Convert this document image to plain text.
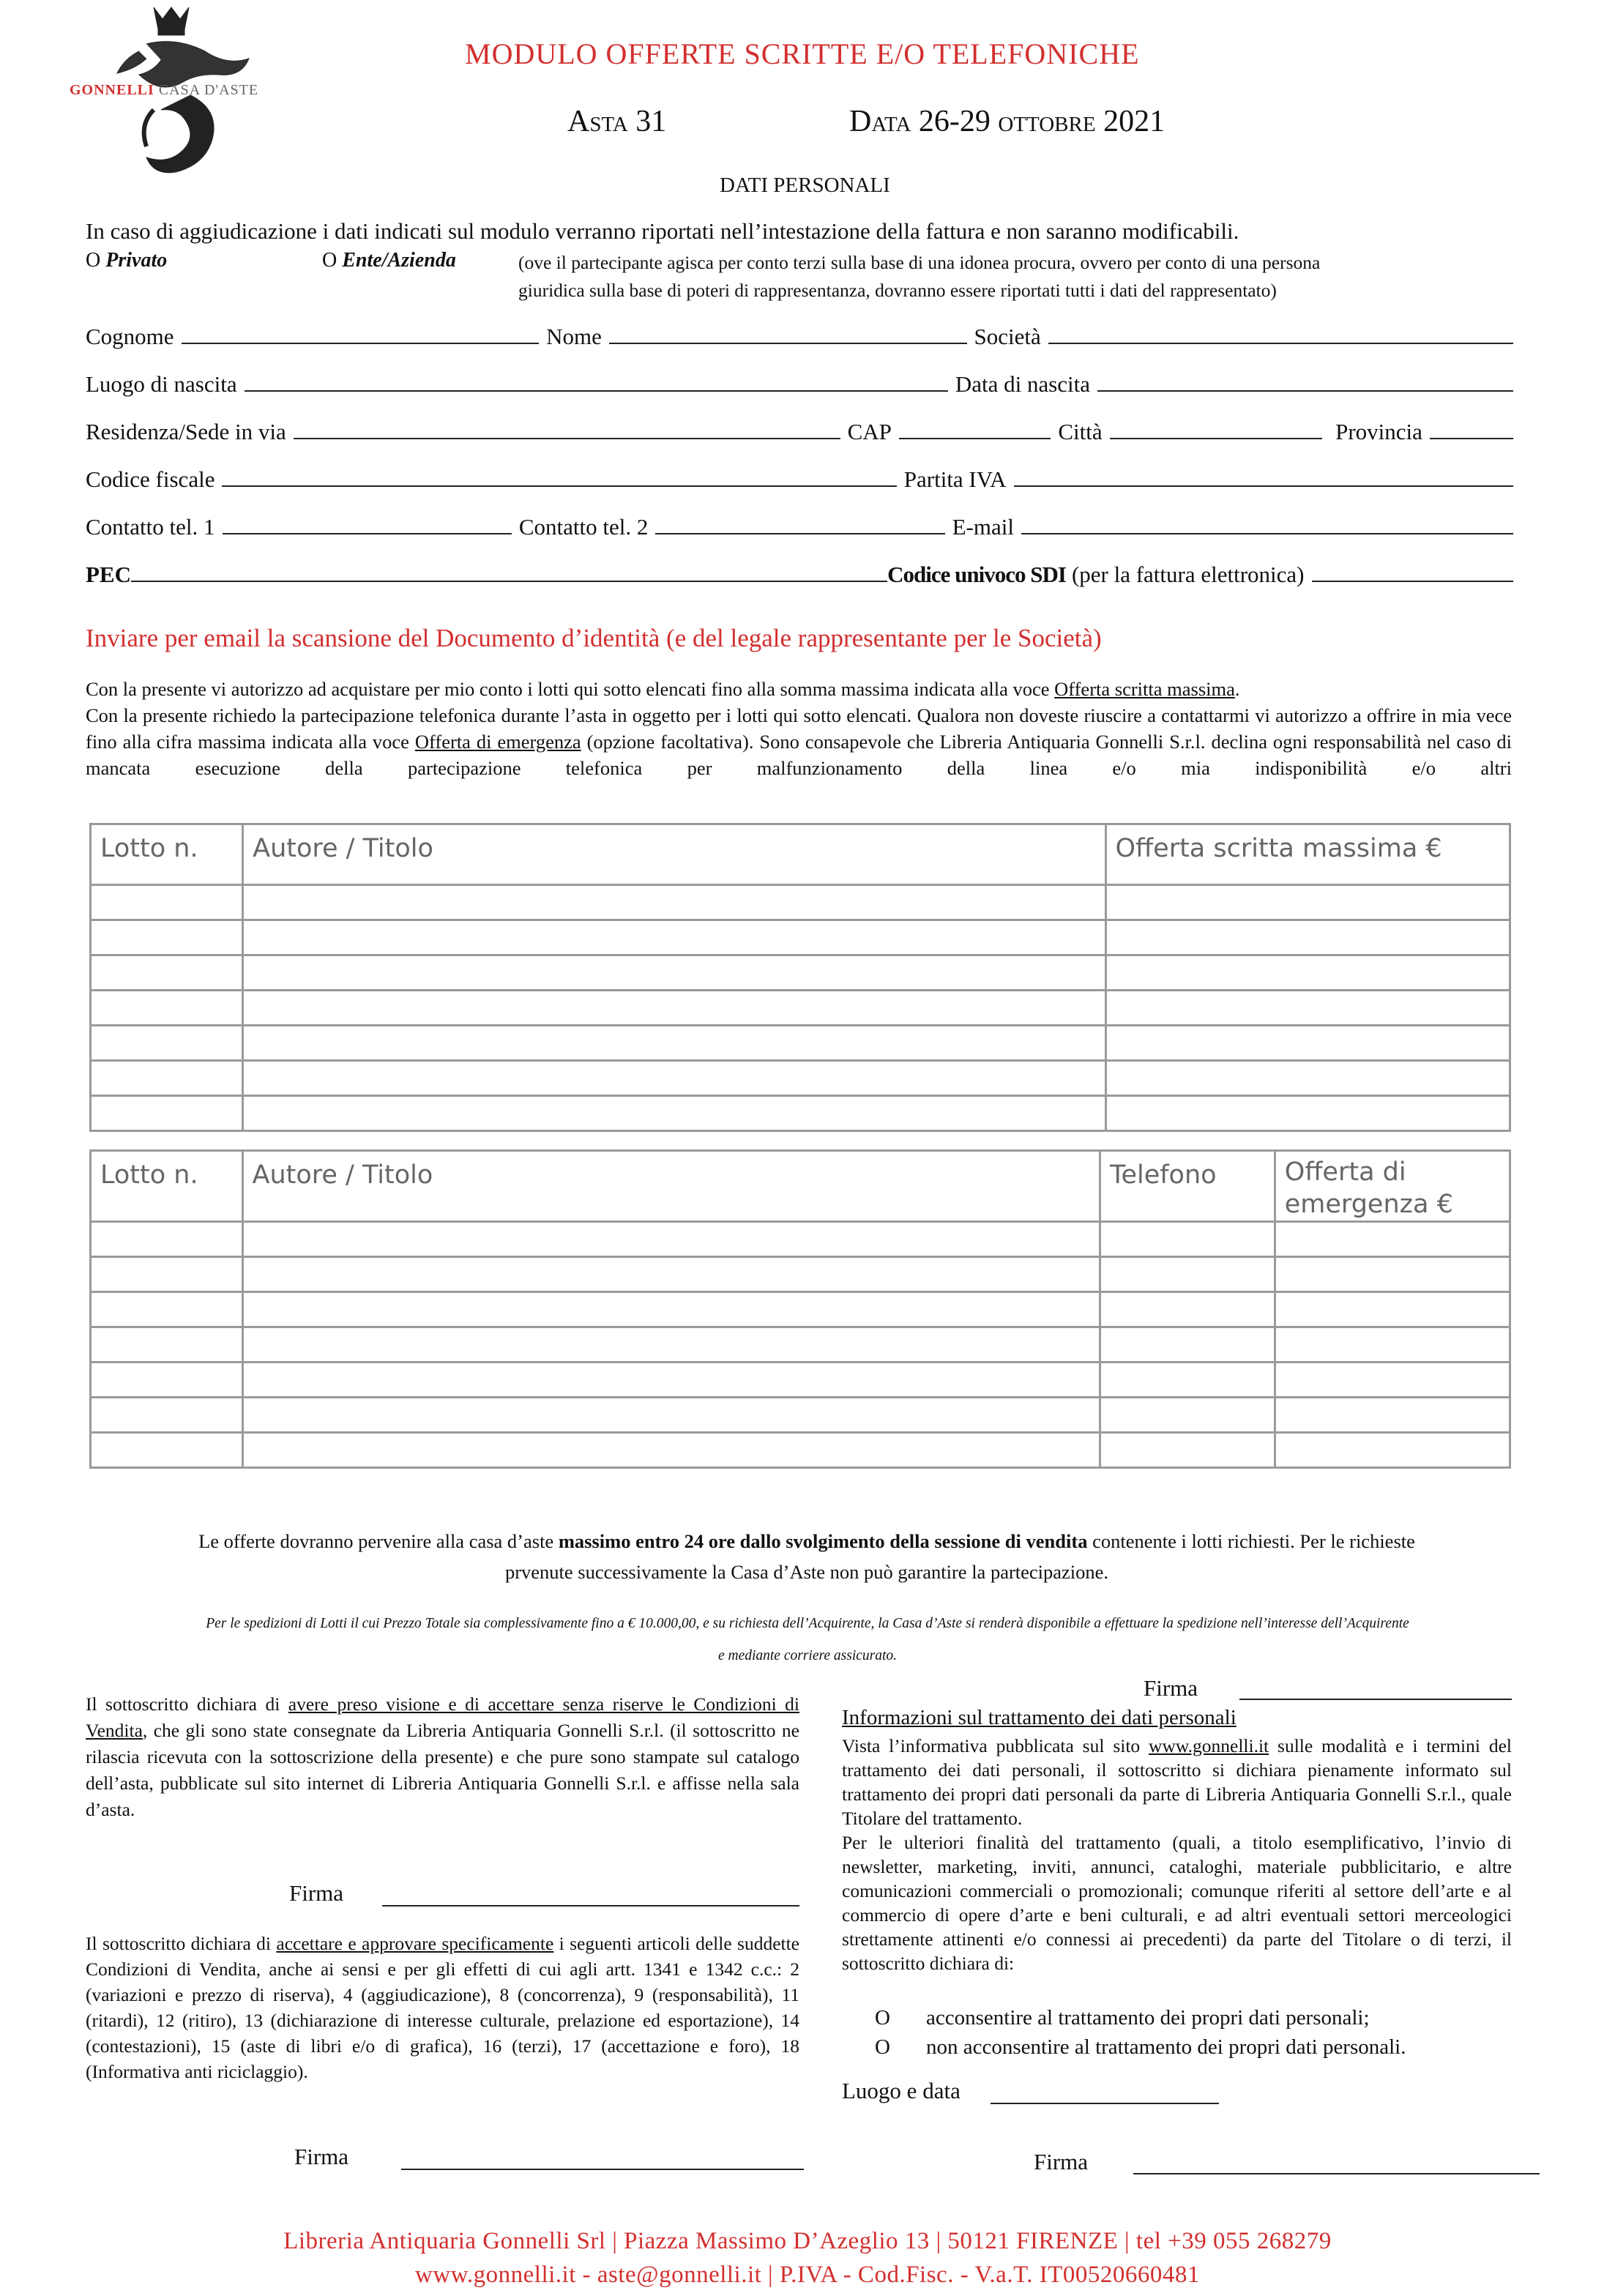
GONNELLI CASA D'ASTE
MODULO OFFERTE SCRITTE E/O TELEFONICHE
Asta 31	Data 26-29 ottobre 2021
DATI PERSONALI
In caso di aggiudicazione i dati indicati sul modulo verranno riportati nell’intestazione della fattura e non saranno modificabili.
O Privato	O Ente/Azienda	(ove il partecipante agisca per conto terzi sulla base di una idonea procura, ovvero per conto di una persona
giuridica sulla base di poteri di rappresentanza, dovranno essere riportati tutti i dati del rappresentato)
Cognome	Nome	Società
Luogo di nascita	Data di nascita
Residenza/Sede in via	CAP	Città	Provincia
Codice fiscale	Partita IVA
Contatto tel. 1	Contatto tel. 2	E-mail
PEC	Codice univoco SDI (per la fattura elettronica)
Inviare per email la scansione del Documento d’identità (e del legale rappresentante per le Società)
Con la presente vi autorizzo ad acquistare per mio conto i lotti qui sotto elencati fino alla somma massima indicata alla voce Offerta scritta massima.
Con la presente richiedo la partecipazione telefonica durante l’asta in oggetto per i lotti qui sotto elencati. Qualora non doveste riuscire a contattarmi vi autorizzo a offrire in mia vece fino alla cifra massima indicata alla voce Offerta di emergenza (opzione facoltativa). Sono consapevole che Libreria Antiquaria Gonnelli S.r.l. declina ogni responsabilità nel caso di mancata esecuzione della partecipazione telefonica per malfunzionamento della linea e/o mia indisponibilità e/o altri
Lotto n.	Autore / Titolo	Offerta scritta massima €

Lotto n.	Autore / Titolo	Telefono	Offerta di emergenza €

Le offerte dovranno pervenire alla casa d’aste massimo entro 24 ore dallo svolgimento della sessione di vendita contenente i lotti richiesti. Per le richieste
prvenute successivamente la Casa d’Aste non può garantire la partecipazione.
Per le spedizioni di Lotti il cui Prezzo Totale sia complessivamente fino a € 10.000,00, e su richiesta dell’Acquirente, la Casa d’Aste si renderà disponibile a effettuare la spedizione nell’interesse dell’Acquirente
e mediante corriere assicurato.
Il sottoscritto dichiara di avere preso visione e di accettare senza riserve le Condizioni di Vendita, che gli sono state consegnate da Libreria Antiquaria Gonnelli S.r.l. (il sottoscritto ne rilascia ricevuta con la sottoscrizione della presente) e che pure sono stampate sul catalogo dell’asta, pubblicate sul sito internet di Libreria Antiquaria Gonnelli S.r.l. e affisse nella sala d’asta.
Firma
Il sottoscritto dichiara di accettare e approvare specificamente i seguenti articoli delle suddette Condizioni di Vendita, anche ai sensi e per gli effetti di cui agli artt. 1341 e 1342 c.c.: 2 (variazioni e prezzo di riserva), 4 (aggiudicazione), 8 (concorrenza), 9 (responsabilità), 11 (ritardi), 12 (ritiro), 13 (dichiarazione di interesse culturale, prelazione ed esportazione), 14 (contestazioni), 15 (aste di libri e/o di grafica), 16 (terzi), 17 (accettazione e foro), 18 (Informativa anti riciclaggio).
Firma
Firma
Informazioni sul trattamento dei dati personali
Vista l’informativa pubblicata sul sito www.gonnelli.it sulle modalità e i termini del trattamento dei dati personali, il sottoscritto si dichiara pienamente informato sul trattamento dei propri dati personali da parte di Libreria Antiquaria Gonnelli S.r.l., quale Titolare del trattamento.
Per le ulteriori finalità del trattamento (quali, a titolo esemplificativo, l’invio di newsletter, marketing, inviti, annunci, cataloghi, materiale pubblicitario, e altre comunicazioni commerciali o promozionali; comunque riferiti al settore dell’arte e al commercio di opere d’arte e beni culturali, e ad altri eventuali settori merceologici strettamente attinenti e/o connessi ai precedenti) da parte del Titolare o di terzi, il sottoscritto dichiara di:
O acconsentire al trattamento dei propri dati personali;
O non acconsentire al trattamento dei propri dati personali.
Luogo e data
Firma
Libreria Antiquaria Gonnelli Srl | Piazza Massimo D’Azeglio 13 | 50121 FIRENZE | tel +39 055 268279
www.gonnelli.it - aste@gonnelli.it | P.IVA - Cod.Fisc. - V.a.T. IT00520660481
